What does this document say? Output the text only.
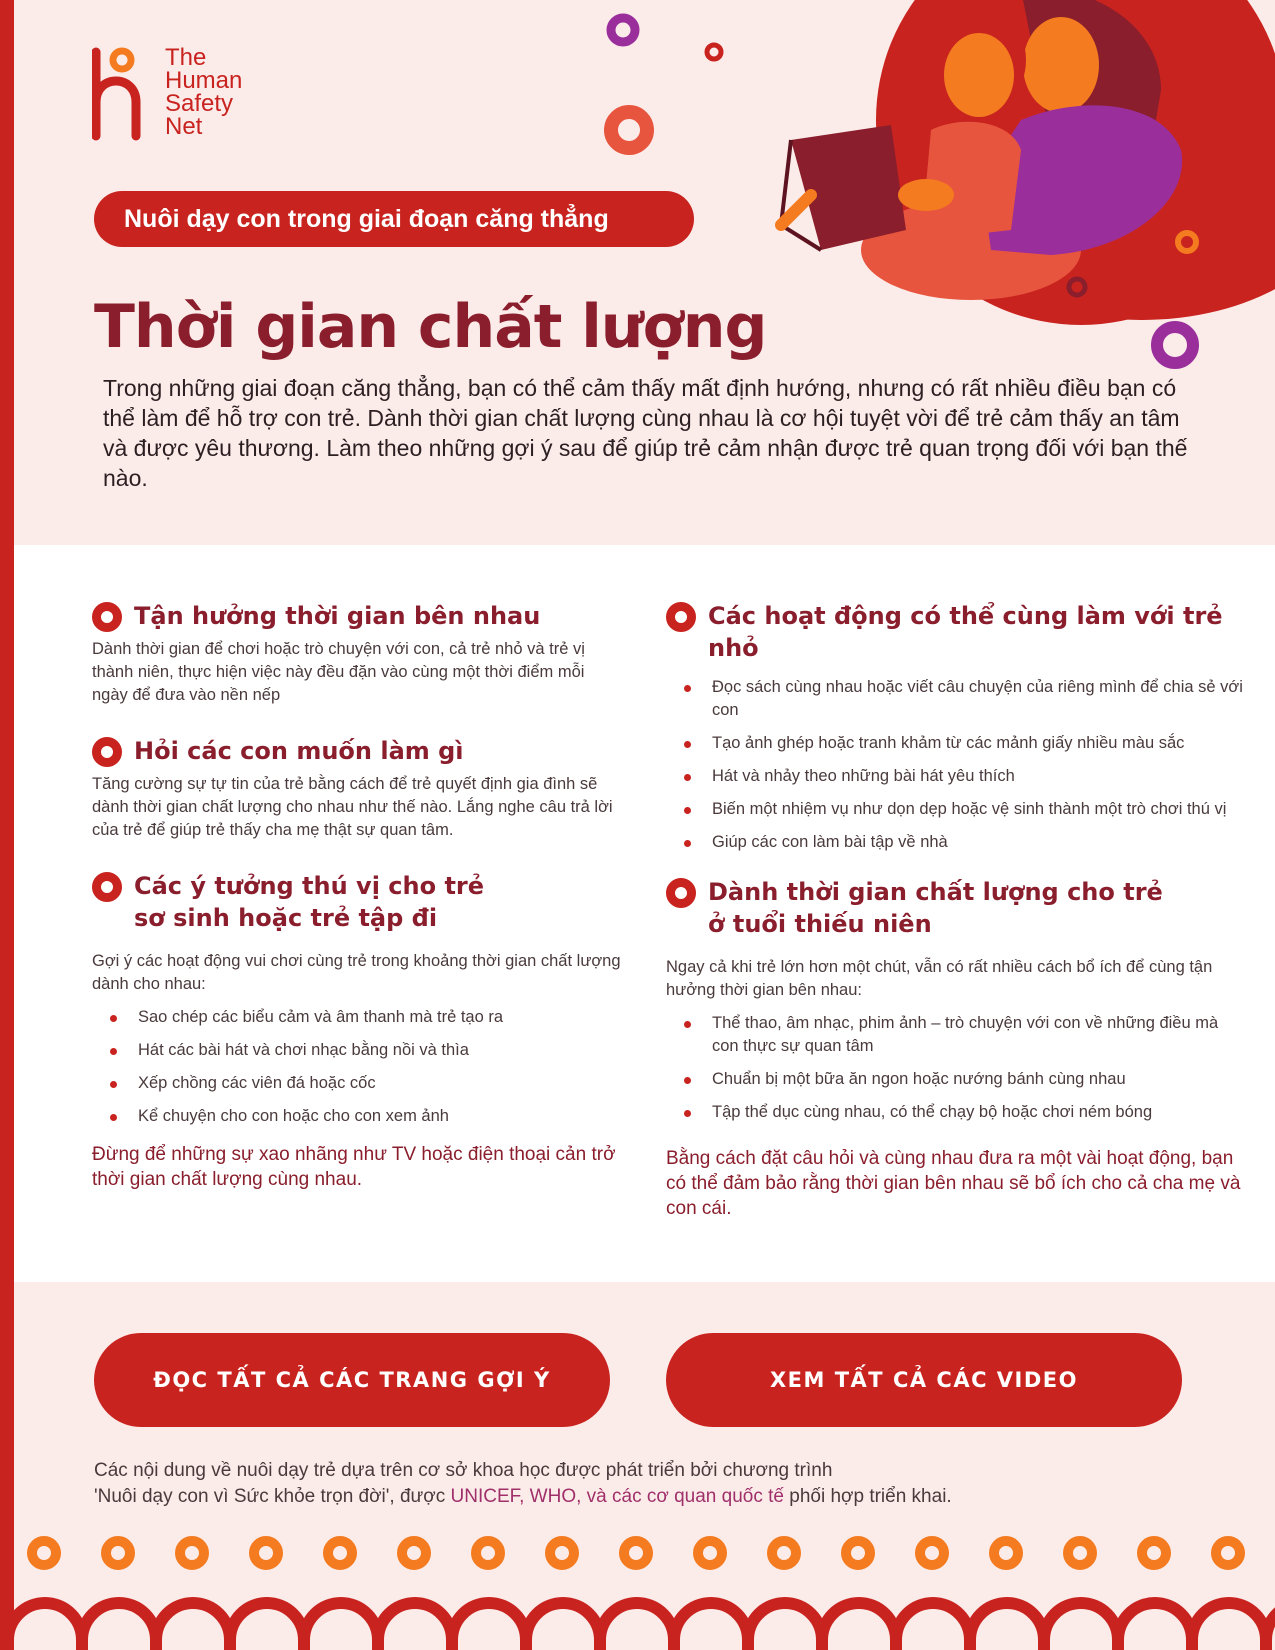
The
Human
Safety
Net
Nuôi dạy con trong giai đoạn căng thẳng
Thời gian chất lượng

Trong những giai đoạn căng thẳng, bạn có thể cảm thấy mất định hướng, nhưng có rất nhiều điều bạn có thể làm để hỗ trợ con trẻ. Dành thời gian chất lượng cùng nhau là cơ hội tuyệt vời để trẻ cảm thấy an tâm và được yêu thương. Làm theo những gợi ý sau để giúp trẻ cảm nhận được trẻ quan trọng đối với bạn thế nào.

Tận hưởng thời gian bên nhau

Dành thời gian để chơi hoặc trò chuyện với con, cả trẻ nhỏ và trẻ vị thành niên, thực hiện việc này đều đặn vào cùng một thời điểm mỗi ngày để đưa vào nền nếp

Hỏi các con muốn làm gì

Tăng cường sự tự tin của trẻ bằng cách để trẻ quyết định gia đình sẽ dành thời gian chất lượng cho nhau như thế nào. Lắng nghe câu trả lời của trẻ để giúp trẻ thấy cha mẹ thật sự quan tâm.

Các ý tưởng thú vị cho trẻ
sơ sinh hoặc trẻ tập đi

Gợi ý các hoạt động vui chơi cùng trẻ trong khoảng thời gian chất lượng dành cho nhau:

Sao chép các biểu cảm và âm thanh mà trẻ tạo ra
Hát các bài hát và chơi nhạc bằng nồi và thìa
Xếp chồng các viên đá hoặc cốc
Kể chuyện cho con hoặc cho con xem ảnh

Đừng để những sự xao nhãng như TV hoặc điện thoại cản trở thời gian chất lượng cùng nhau.

Các hoạt động có thể cùng làm với trẻ nhỏ
Đọc sách cùng nhau hoặc viết câu chuyện của riêng mình để chia sẻ với con
Tạo ảnh ghép hoặc tranh khảm từ các mảnh giấy nhiều màu sắc
Hát và nhảy theo những bài hát yêu thích
Biến một nhiệm vụ như dọn dẹp hoặc vệ sinh thành một trò chơi thú vị
Giúp các con làm bài tập về nhà
Dành thời gian chất lượng cho trẻ
ở tuổi thiếu niên

Ngay cả khi trẻ lớn hơn một chút, vẫn có rất nhiều cách bổ ích để cùng tận hưởng thời gian bên nhau:

Thể thao, âm nhạc, phim ảnh – trò chuyện với con về những điều mà con thực sự quan tâm
Chuẩn bị một bữa ăn ngon hoặc nướng bánh cùng nhau
Tập thể dục cùng nhau, có thể chạy bộ hoặc chơi ném bóng

Bằng cách đặt câu hỏi và cùng nhau đưa ra một vài hoạt động, bạn có thể đảm bảo rằng thời gian bên nhau sẽ bổ ích cho cả cha mẹ và con cái.

ĐỌC TẤT CẢ CÁC TRANG GỢI Ý	XEM TẤT CẢ CÁC VIDEO

Các nội dung về nuôi dạy trẻ dựa trên cơ sở khoa học được phát triển bởi chương trình
'Nuôi dạy con vì Sức khỏe trọn đời', được UNICEF, WHO, và các cơ quan quốc tế phối hợp triển khai.
